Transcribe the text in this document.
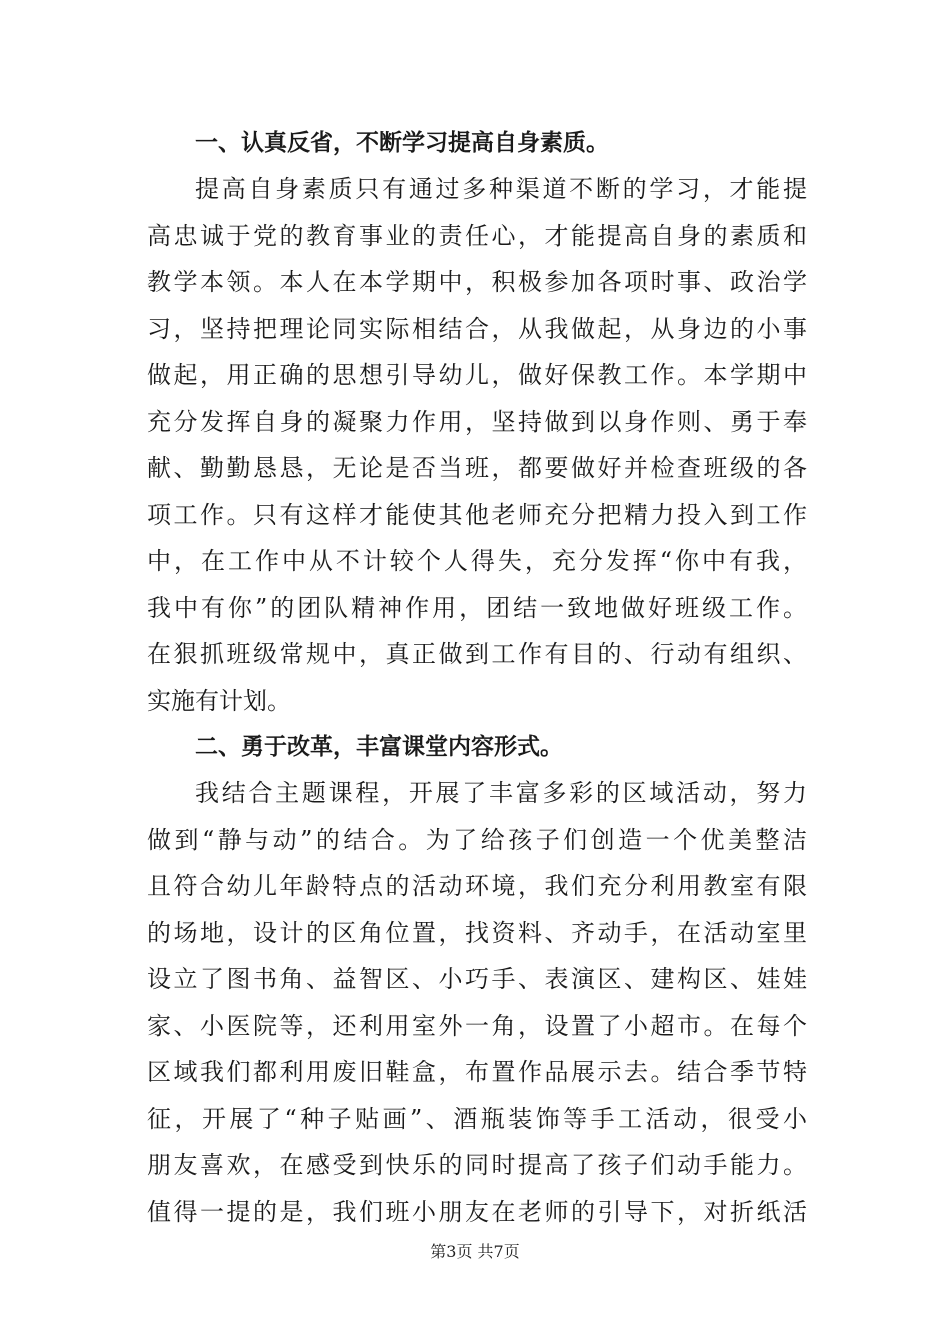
一、认真反省，不断学习提高自身素质。
提高自身素质只有通过多种渠道不断的学习，才能提
高忠诚于党的教育事业的责任心，才能提高自身的素质和
教学本领。本人在本学期中，积极参加各项时事、政治学
习，坚持把理论同实际相结合，从我做起，从身边的小事
做起，用正确的思想引导幼儿，做好保教工作。本学期中
充分发挥自身的凝聚力作用，坚持做到以身作则、勇于奉
献、勤勤恳恳，无论是否当班，都要做好并检查班级的各
项工作。只有这样才能使其他老师充分把精力投入到工作
中，在工作中从不计较个人得失，充分发挥“你中有我，
我中有你”的团队精神作用，团结一致地做好班级工作。
在狠抓班级常规中，真正做到工作有目的、行动有组织、
实施有计划。
二、勇于改革，丰富课堂内容形式。
我结合主题课程，开展了丰富多彩的区域活动，努力
做到“静与动”的结合。为了给孩子们创造一个优美整洁
且符合幼儿年龄特点的活动环境，我们充分利用教室有限
的场地，设计的区角位置，找资料、齐动手，在活动室里
设立了图书角、益智区、小巧手、表演区、建构区、娃娃
家、小医院等，还利用室外一角，设置了小超市。在每个
区域我们都利用废旧鞋盒，布置作品展示去。结合季节特
征，开展了“种子贴画”、酒瓶装饰等手工活动，很受小
朋友喜欢，在感受到快乐的同时提高了孩子们动手能力。
值得一提的是，我们班小朋友在老师的引导下，对折纸活
第3页 共7页
